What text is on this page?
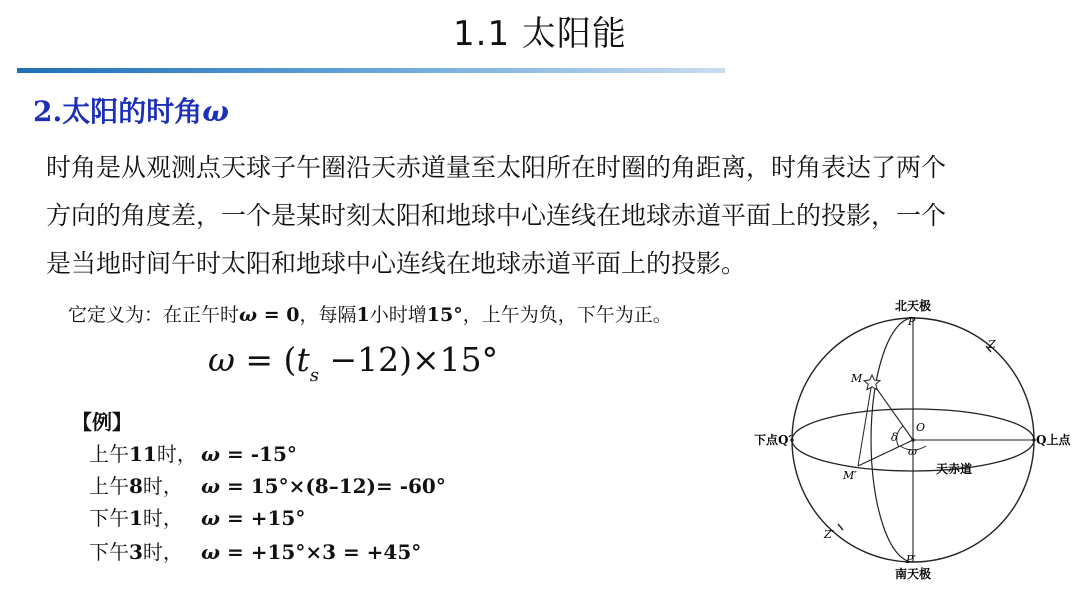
1.1 太阳能
2.太阳的时角ω
时角是从观测点天球子午圈沿天赤道量至太阳所在时圈的角距离，时角表达了两个
方向的角度差，一个是某时刻太阳和地球中心连线在地球赤道平面上的投影，一个
是当地时间午时太阳和地球中心连线在地球赤道平面上的投影。
它定义为：在正午时ω = 0，每隔1小时增15°，上午为负，下午为正。
$\omega = (t_s -12)\times 15^\circ$
【例】
上午11时， ω = -15°
上午8时， ω = 15°×(8–12)= -60°
下午1时， ω = +15°
下午3时， ω = +15°×3 = +45°
北天极
P
Z
M
O
δ
ω
下点Q′	Q上点
M′	天赤道
Z′
P′
南天极
